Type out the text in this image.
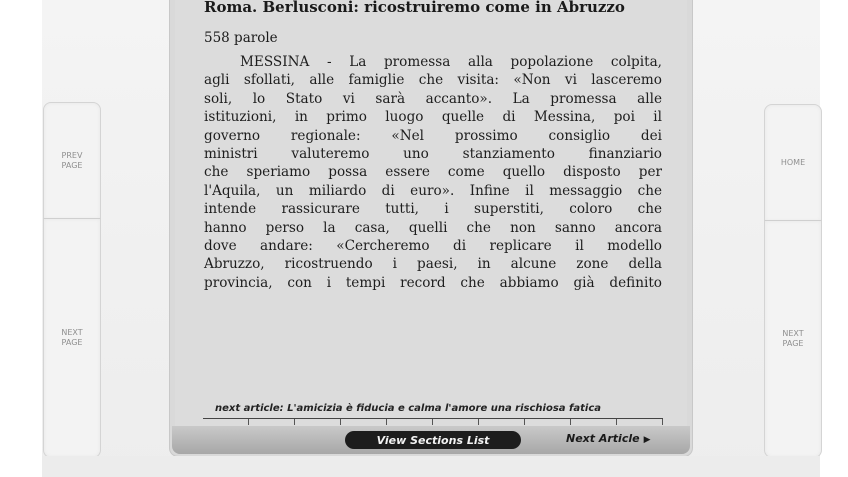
PREV PAGE
NEXT PAGE
HOME
NEXT PAGE
Roma. Berlusconi: ricostruiremo come in Abruzzo
558 parole
MESSINA - La promessa alla popolazione colpita,
agli sfollati, alle famiglie che visita: «Non vi lasceremo
soli, lo Stato vi sarà accanto». La promessa alle
istituzioni, in primo luogo quelle di Messina, poi il
governo regionale: «Nel prossimo consiglio dei
ministri valuteremo uno stanziamento finanziario
che speriamo possa essere come quello disposto per
l'Aquila, un miliardo di euro». Infine il messaggio che
intende rassicurare tutti, i superstiti, coloro che
hanno perso la casa, quelli che non sanno ancora
dove andare: «Cercheremo di replicare il modello
Abruzzo, ricostruendo i paesi, in alcune zone della
provincia, con i tempi record che abbiamo già definito
next article: L'amicizia è fiducia e calma l'amore una rischiosa fatica
View Sections List	Next Article ▶
